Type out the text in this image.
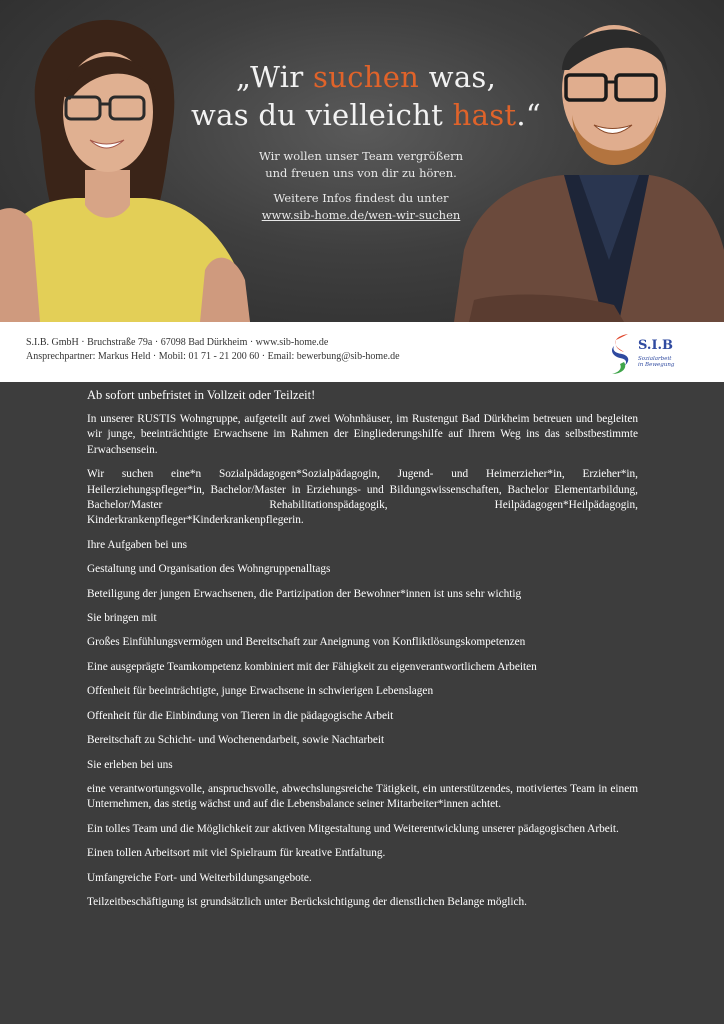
„Wir suchen was,
was du vielleicht hast.“
Wir wollen unser Team vergrößern
und freuen uns von dir zu hören.
Weitere Infos findest du unter
www.sib-home.de/wen-wir-suchen
S.I.B. GmbH · Bruchstraße 79a · 67098 Bad Dürkheim · www.sib-home.de
Ansprechpartner: Markus Held · Mobil: 01 71 - 21 200 60 · Email: bewerbung@sib-home.de
S.I.B
Sozialarbeit
in Bewegung

Ab sofort unbefristet in Vollzeit oder Teilzeit!

In unserer RUSTIS Wohngruppe, aufgeteilt auf zwei Wohnhäuser, im Rustengut Bad Dürkheim betreuen und begleiten wir junge, beeinträchtigte Erwachsene im Rahmen der Eingliederungshilfe auf Ihrem Weg ins das selbstbestimmte Erwachsensein.

Wir suchen eine*n Sozialpädagogen*Sozialpädagogin, Jugend- und Heimerzieher*in, Erzieher*in, Heilerziehungspfleger*in, Bachelor/Master in Erziehungs- und Bildungswissenschaften, Bachelor Elementarbildung, Bachelor/Master Rehabilitationspädagogik, Heilpädagogen*Heilpädagogin, Kinderkrankenpfleger*Kinderkrankenpflegerin.

Ihre Aufgaben bei uns

Gestaltung und Organisation des Wohngruppenalltags

Beteiligung der jungen Erwachsenen, die Partizipation der Bewohner*innen ist uns sehr wichtig

Sie bringen mit

Großes Einfühlungsvermögen und Bereitschaft zur Aneignung von Konfliktlösungskompetenzen

Eine ausgeprägte Teamkompetenz kombiniert mit der Fähigkeit zu eigenverantwortlichem Arbeiten

Offenheit für beeinträchtigte, junge Erwachsene in schwierigen Lebenslagen

Offenheit für die Einbindung von Tieren in die pädagogische Arbeit

Bereitschaft zu Schicht- und Wochenendarbeit, sowie Nachtarbeit

Sie erleben bei uns

eine verantwortungsvolle, anspruchsvolle, abwechslungsreiche Tätigkeit, ein unterstützendes, motiviertes Team in einem Unternehmen, das stetig wächst und auf die Lebensbalance seiner Mitarbeiter*innen achtet.

Ein tolles Team und die Möglichkeit zur aktiven Mitgestaltung und Weiterentwicklung unserer pädagogischen Arbeit.

Einen tollen Arbeitsort mit viel Spielraum für kreative Entfaltung.

Umfangreiche Fort- und Weiterbildungsangebote.

Teilzeitbeschäftigung ist grundsätzlich unter Berücksichtigung der dienstlichen Belange möglich.
